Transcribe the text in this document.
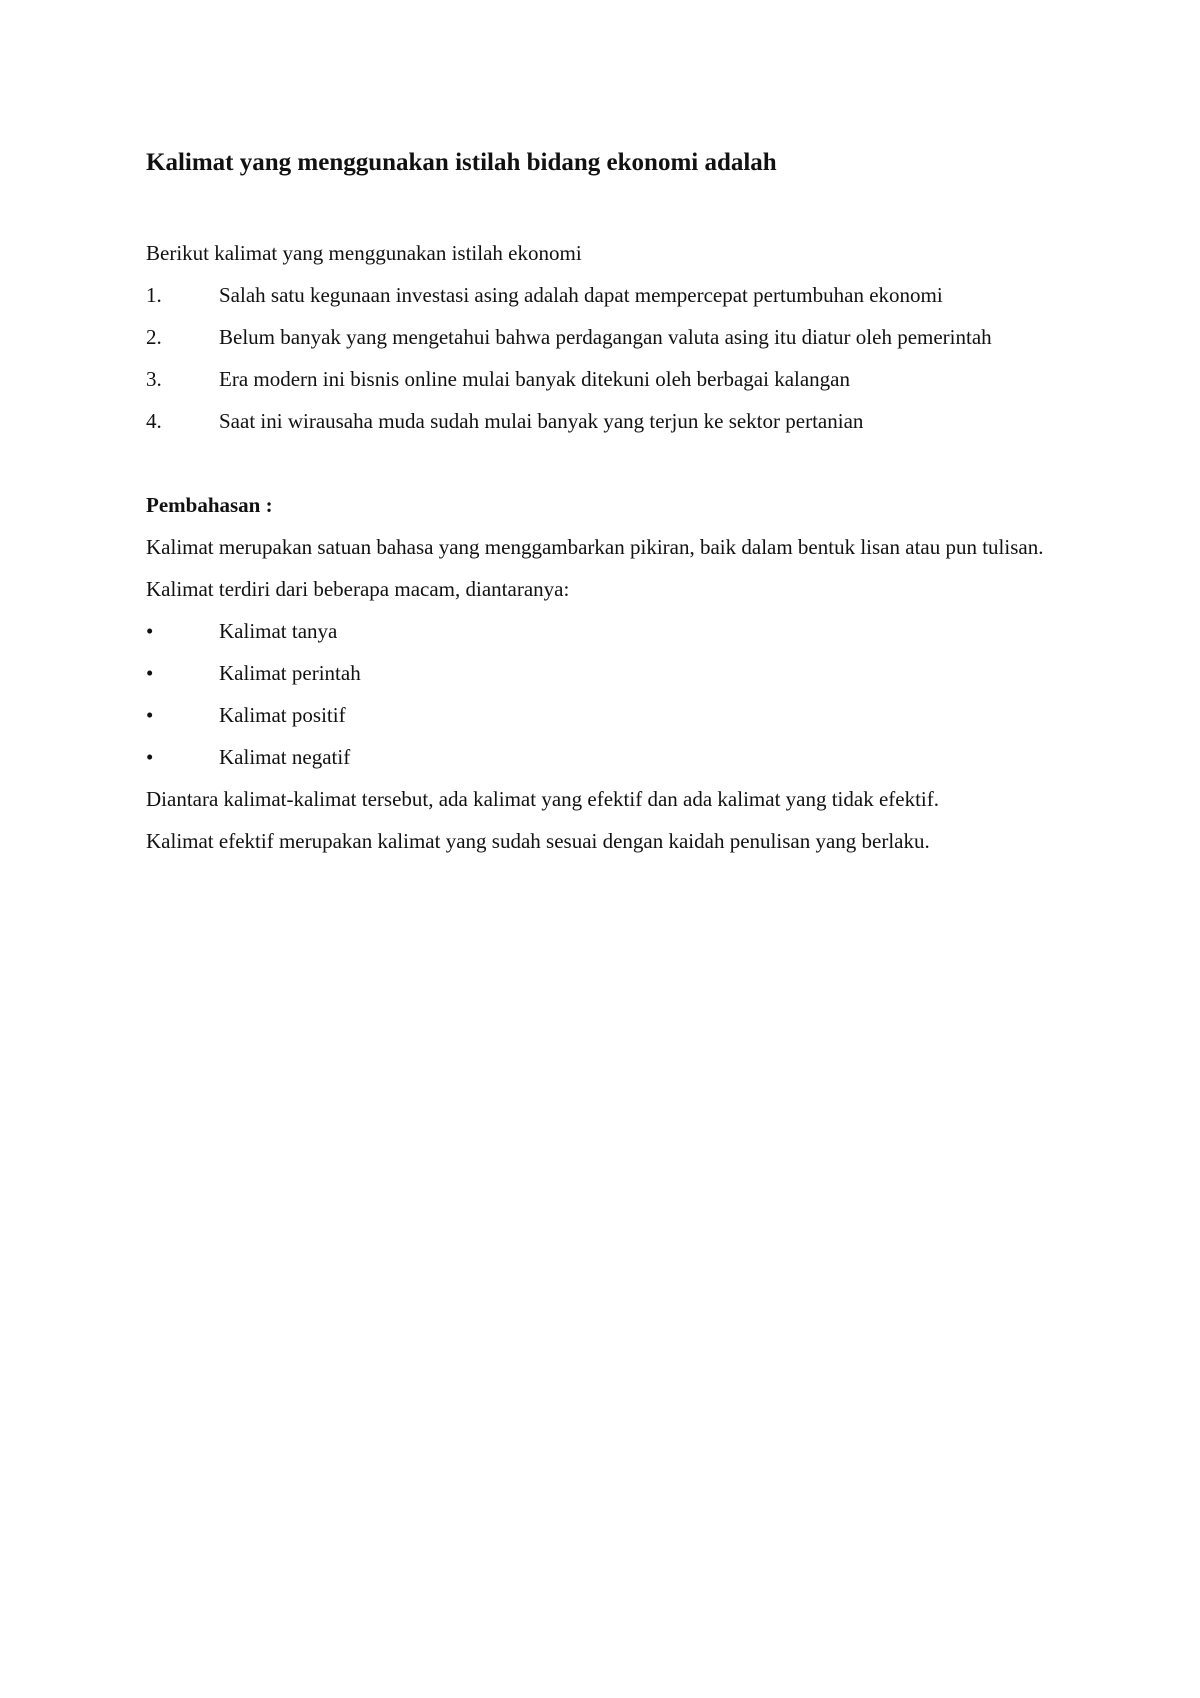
Kalimat yang menggunakan istilah bidang ekonomi adalah

Berikut kalimat yang menggunakan istilah ekonomi

1.	Salah satu kegunaan investasi asing adalah dapat mempercepat pertumbuhan ekonomi
2.	Belum banyak yang mengetahui bahwa perdagangan valuta asing itu diatur oleh pemerintah
3.	Era modern ini bisnis online mulai banyak ditekuni oleh berbagai kalangan
4.	Saat ini wirausaha muda sudah mulai banyak yang terjun ke sektor pertanian

Pembahasan :

Kalimat merupakan satuan bahasa yang menggambarkan pikiran, baik dalam bentuk lisan atau pun tulisan.

Kalimat terdiri dari beberapa macam, diantaranya:

•	Kalimat tanya
•	Kalimat perintah
•	Kalimat positif
•	Kalimat negatif

Diantara kalimat-kalimat tersebut, ada kalimat yang efektif dan ada kalimat yang tidak efektif.

Kalimat efektif merupakan kalimat yang sudah sesuai dengan kaidah penulisan yang berlaku.
